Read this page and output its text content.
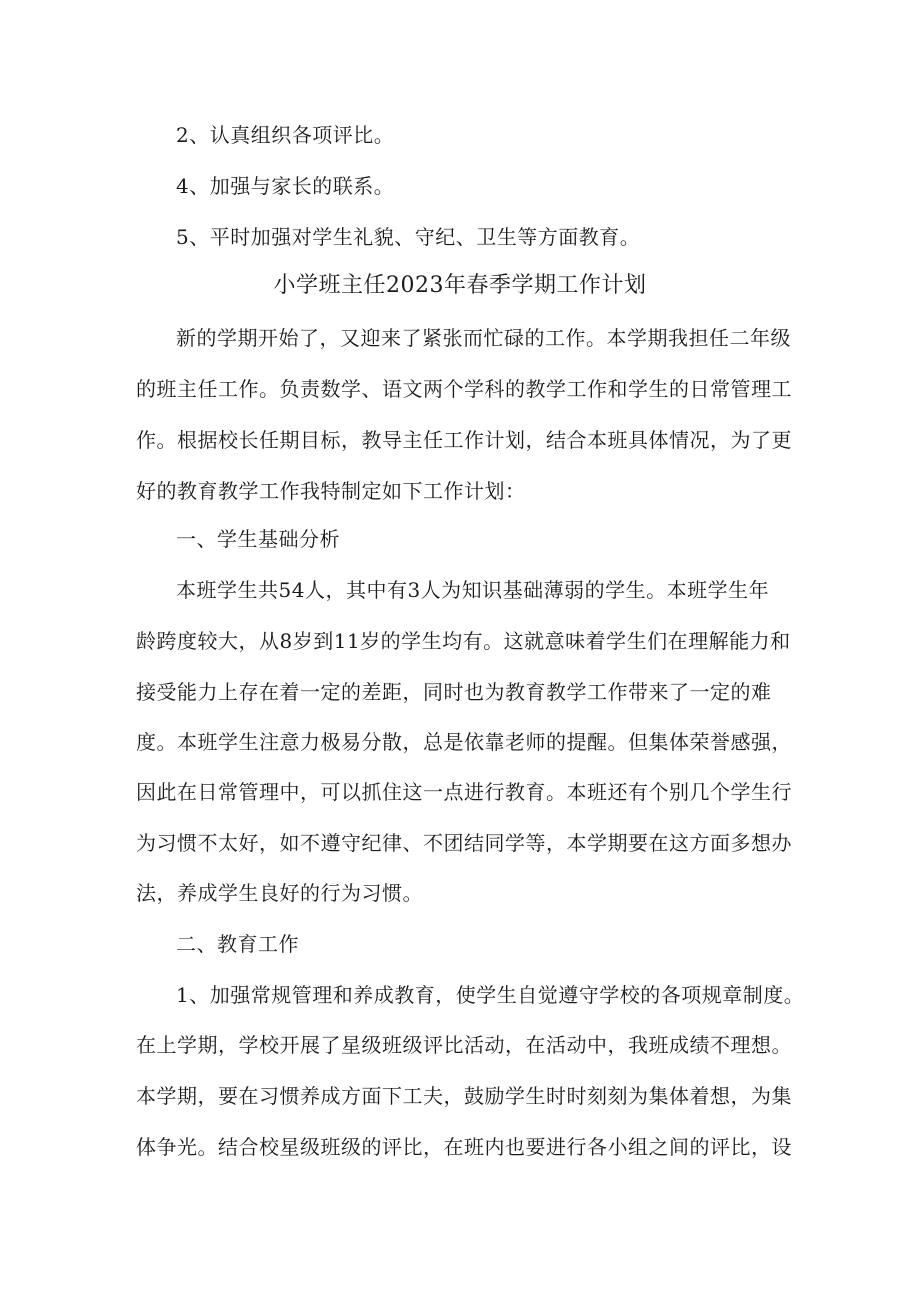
2、认真组织各项评比。
4、加强与家长的联系。
5、平时加强对学生礼貌、守纪、卫生等方面教育。
小学班主任2023年春季学期工作计划
新的学期开始了，又迎来了紧张而忙碌的工作。本学期我担任二年级
的班主任工作。负责数学、语文两个学科的教学工作和学生的日常管理工
作。根据校长任期目标，教导主任工作计划，结合本班具体情况，为了更
好的教育教学工作我特制定如下工作计划：
一、学生基础分析
本班学生共54人，其中有3人为知识基础薄弱的学生。本班学生年
龄跨度较大，从8岁到11岁的学生均有。这就意味着学生们在理解能力和
接受能力上存在着一定的差距，同时也为教育教学工作带来了一定的难
度。本班学生注意力极易分散，总是依靠老师的提醒。但集体荣誉感强，
因此在日常管理中，可以抓住这一点进行教育。本班还有个别几个学生行
为习惯不太好，如不遵守纪律、不团结同学等，本学期要在这方面多想办
法，养成学生良好的行为习惯。
二、教育工作
1、加强常规管理和养成教育，使学生自觉遵守学校的各项规章制度。
在上学期，学校开展了星级班级评比活动，在活动中，我班成绩不理想。
本学期，要在习惯养成方面下工夫，鼓励学生时时刻刻为集体着想，为集
体争光。结合校星级班级的评比，在班内也要进行各小组之间的评比，设
